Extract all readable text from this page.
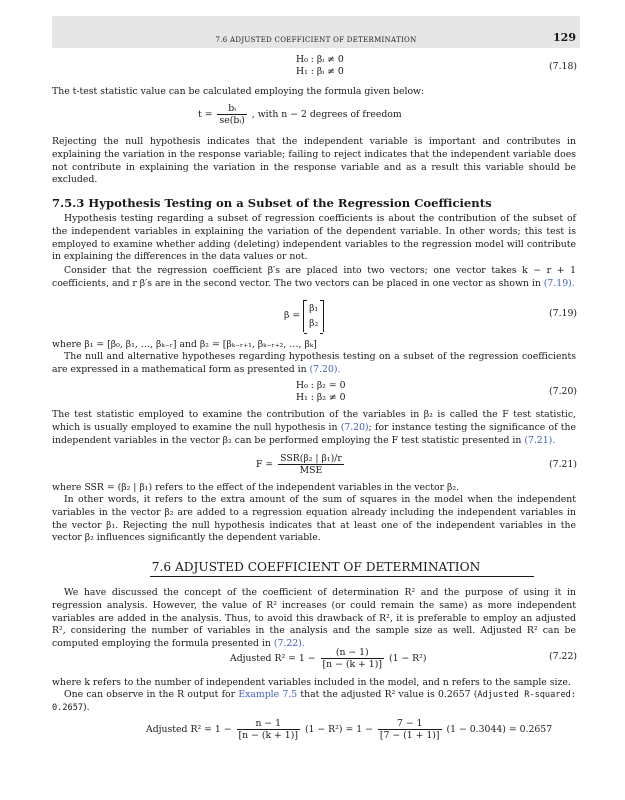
7.6 ADJUSTED COEFFICIENT OF DETERMINATION	129
H₀ : βᵢ ≠ 0
H₁ : βᵢ ≠ 0	(7.18)
The t-test statistic value can be calculated employing the formula given below:
$t = \frac{\text{bᵢ}}{\text{se(bᵢ)}}$ , with n − 2 degrees of freedom
Rejecting the null hypothesis indicates that the independent variable is important and contributes in explaining the variation in the response variable; failing to reject indicates that the independent variable does not contribute in explaining the variation in the response variable and as a result this variable should be excluded.
7.5.3 Hypothesis Testing on a Subset of the Regression Coefficients
Hypothesis testing regarding a subset of regression coefficients is about the contribution of the subset of the independent variables in explaining the variation of the dependent variable. In other words; this test is employed to examine whether adding (deleting) independent variables to the regression model will contribute in explaining the differences in the data values or not.
Consider that the regression coefficient β′s are placed into two vectors; one vector takes k − r + 1 coefficients, and r β′s are in the second vector. The two vectors can be placed in one vector as shown in (7.19).
β =
β₁
β₂
(7.19)
where β₁ = [β₀, β₁, …, βₖ₋ᵣ] and β₂ = [βₖ₋ᵣ₊₁, βₖ₋ᵣ₊₂, …, βₖ]
The null and alternative hypotheses regarding hypothesis testing on a subset of the regression coefficients are expressed in a mathematical form as presented in (7.20).
H₀ : β₂ = 0
H₁ : β₂ ≠ 0
(7.20)
The test statistic employed to examine the contribution of the variables in β₂ is called the F test statistic, which is usually employed to examine the null hypothesis in (7.20); for instance testing the significance of the independent variables in the vector β₂ can be performed employing the F test statistic presented in (7.21).
$F = \frac{\text{SSR(β₂ | β₁)/r}}{\text{MSE}}$	(7.21)
where SSR = (β₂ | β₁) refers to the effect of the independent variables in the vector β₂.
In other words, it refers to the extra amount of the sum of squares in the model when the independent variables in the vector β₂ are added to a regression equation already including the independent variables in the vector β₁. Rejecting the null hypothesis indicates that at least one of the independent variables in the vector β₂ influences significantly the dependent variable.
7.6 ADJUSTED COEFFICIENT OF DETERMINATION
We have discussed the concept of the coefficient of determination R² and the purpose of using it in regression analysis. However, the value of R² increases (or could remain the same) as more independent variables are added in the analysis. Thus, to avoid this drawback of R², it is preferable to employ an adjusted R², considering the number of variables in the analysis and the sample size as well. Adjusted R² can be computed employing the formula presented in (7.22).
Adjusted $R^2 = 1 - \frac{(n - 1)}{[n - (k + 1)]} (1 - R^2)$	(7.22)
where k refers to the number of independent variables included in the model, and n refers to the sample size.
One can observe in the R output for Example 7.5 that the adjusted R² value is 0.2657 (Adjusted R-squared: 0.2657).
Adjusted $R^2 = 1 - \frac{n - 1}{[n - (k + 1)]} (1 - R^2) = 1 - \frac{7 - 1}{[7 - (1 + 1)]} (1 - 0.3044) = 0.2657$
